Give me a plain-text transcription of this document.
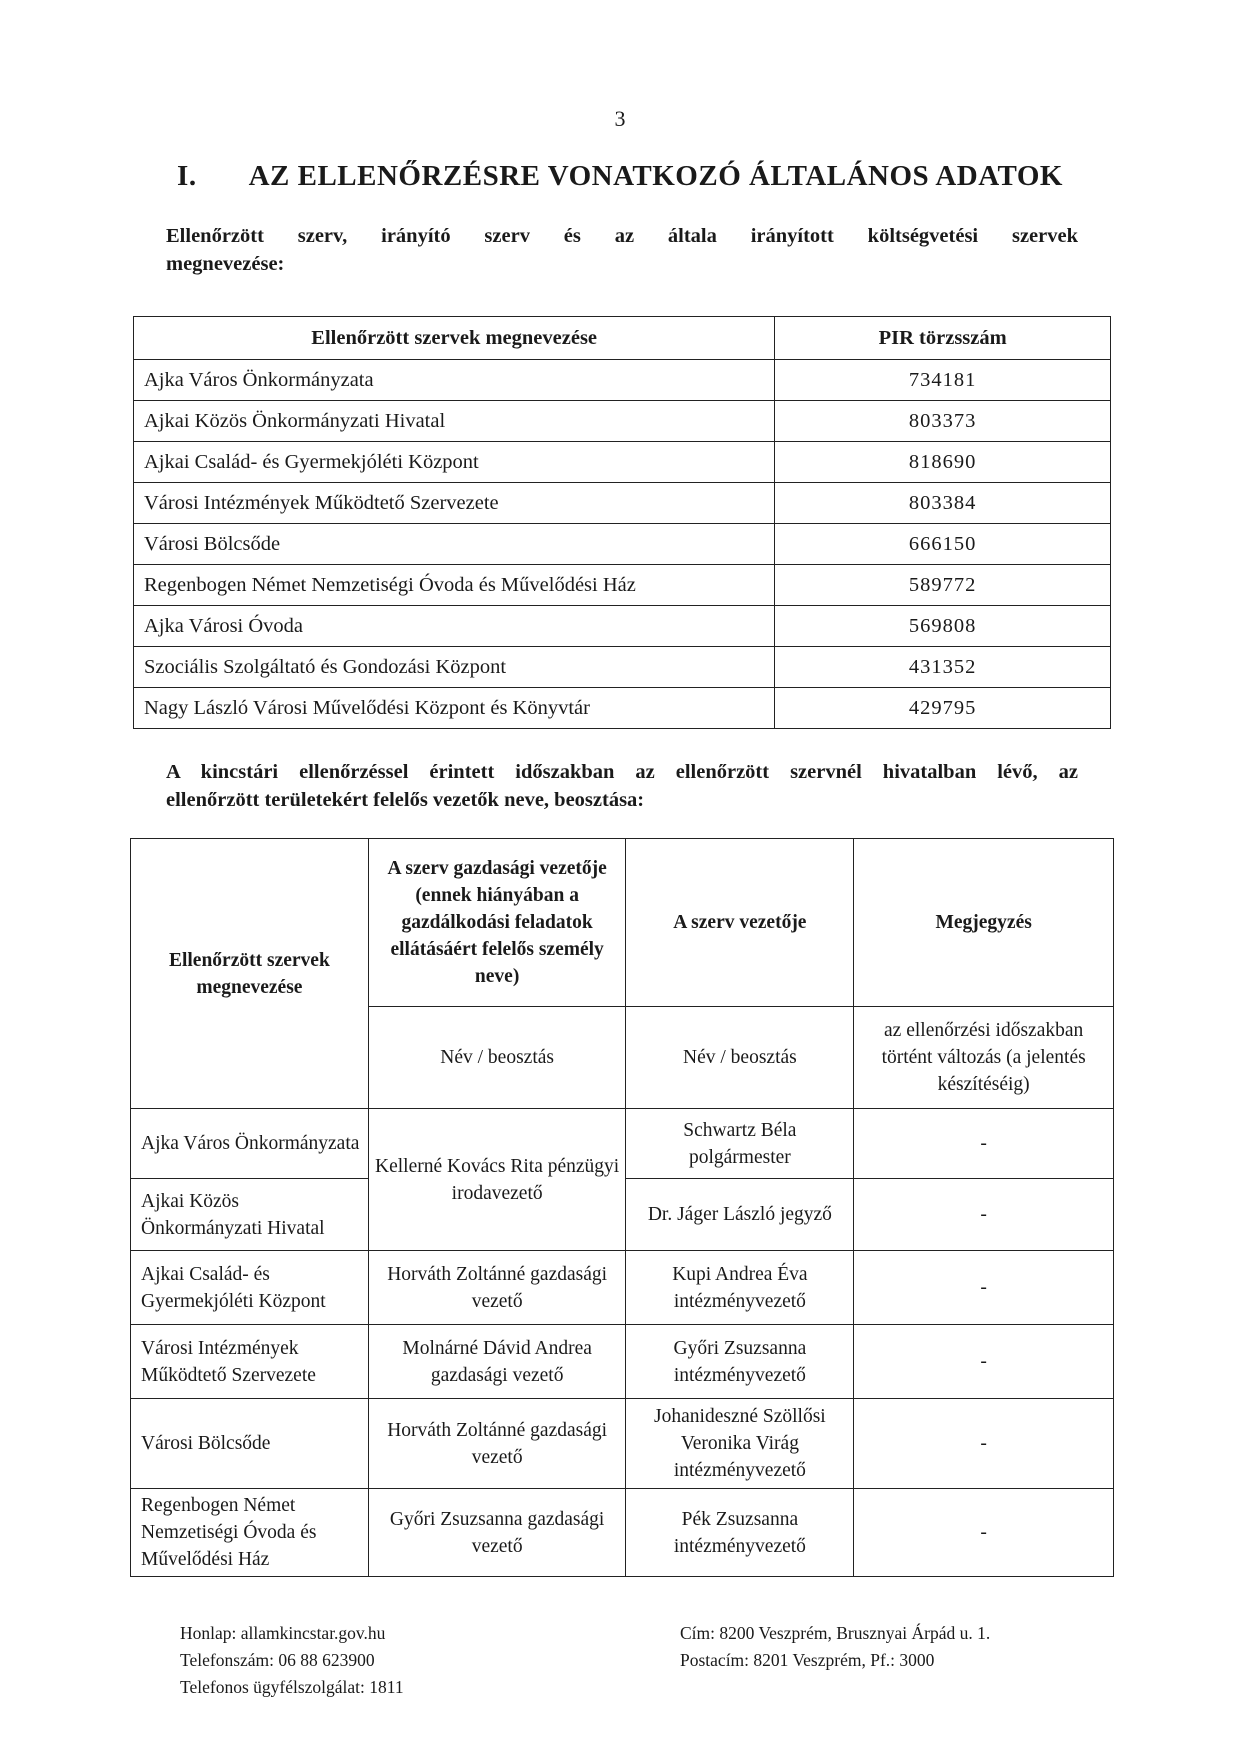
3
I. AZ ELLENŐRZÉSRE VONATKOZÓ ÁLTALÁNOS ADATOK
Ellenőrzött szerv, irányító szerv és az általa irányított költségvetési szervek
megnevezése:
Ellenőrzött szervek megnevezése	PIR törzsszám
Ajka Város Önkormányzata	734181
Ajkai Közös Önkormányzati Hivatal	803373
Ajkai Család- és Gyermekjóléti Központ	818690
Városi Intézmények Működtető Szervezete	803384
Városi Bölcsőde	666150
Regenbogen Német Nemzetiségi Óvoda és Művelődési Ház	589772
Ajka Városi Óvoda	569808
Szociális Szolgáltató és Gondozási Központ	431352
Nagy László Városi Művelődési Központ és Könyvtár	429795
A kincstári ellenőrzéssel érintett időszakban az ellenőrzött szervnél hivatalban lévő, az
ellenőrzött területekért felelős vezetők neve, beosztása:
Ellenőrzött szervek megnevezése	A szerv gazdasági vezetője (ennek hiányában a gazdálkodási feladatok ellátásáért felelős személy neve)	A szerv vezetője	Megjegyzés
	Név / beosztás	Név / beosztás	az ellenőrzési időszakban történt változás (a jelentés készítéséig)
Ajka Város Önkormányzata	Kellerné Kovács Rita pénzügyi irodavezető	Schwartz Béla polgármester	-
Ajkai Közös Önkormányzati Hivatal		Dr. Jáger László jegyző	-
Ajkai Család- és Gyermekjóléti Központ	Horváth Zoltánné gazdasági vezető	Kupi Andrea Éva intézményvezető	-
Városi Intézmények Működtető Szervezete	Molnárné Dávid Andrea gazdasági vezető	Győri Zsuzsanna intézményvezető	-
Városi Bölcsőde	Horváth Zoltánné gazdasági vezető	Johanideszné Szöllősi Veronika Virág intézményvezető	-
Regenbogen Német Nemzetiségi Óvoda és Művelődési Ház	Győri Zsuzsanna gazdasági vezető	Pék Zsuzsanna intézményvezető	-
Honlap: allamkincstar.gov.hu
Telefonszám: 06 88 623900
Telefonos ügyfélszolgálat: 1811
Cím: 8200 Veszprém, Brusznyai Árpád u. 1.
Postacím: 8201 Veszprém, Pf.: 3000
